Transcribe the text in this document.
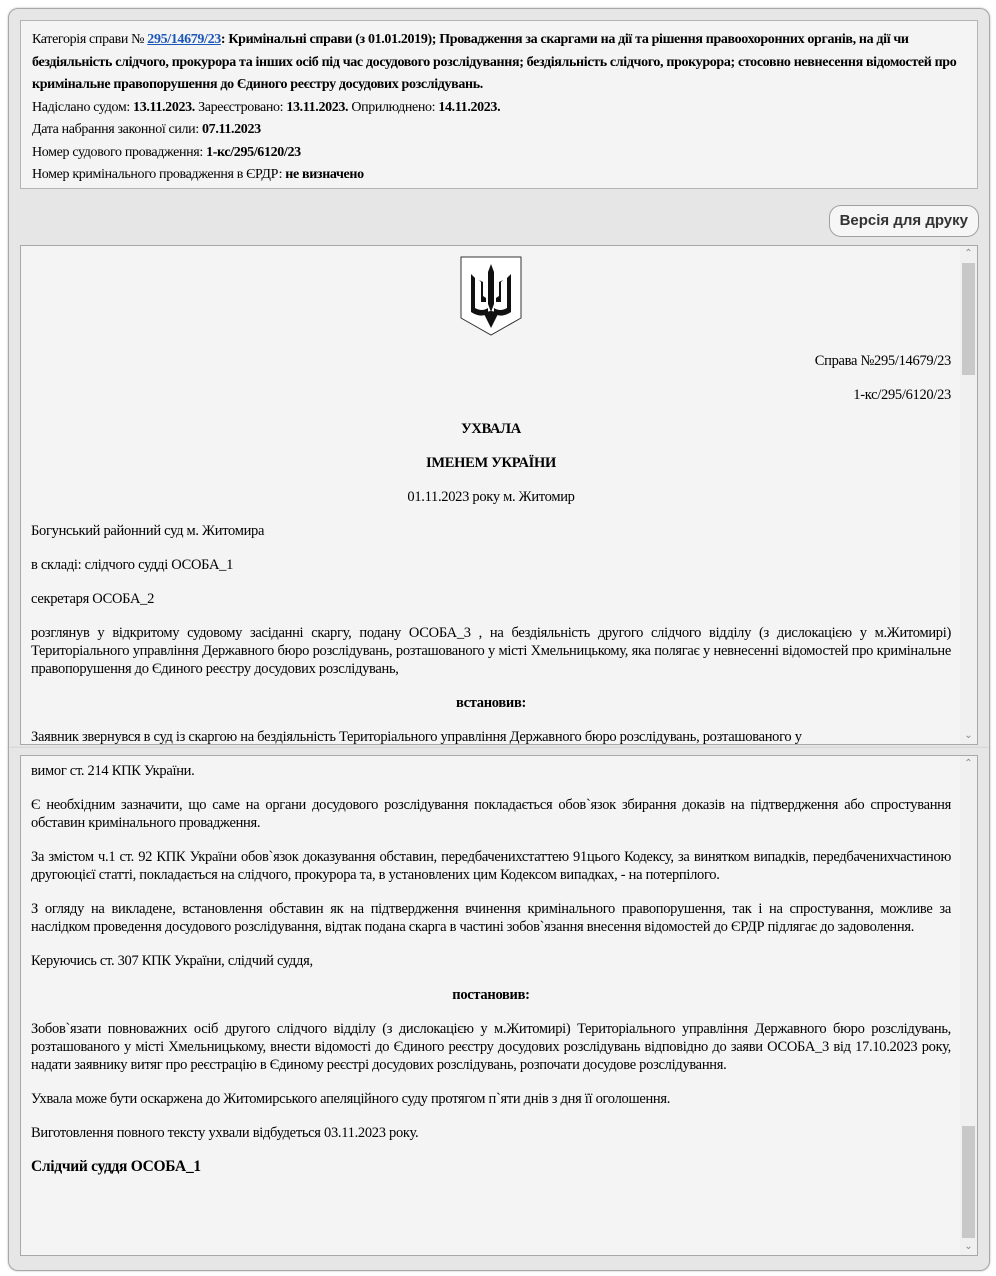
Категорія справи № 295/14679/23: Кримінальні справи (з 01.01.2019); Провадження за скаргами на дії та рішення правоохоронних органів, на дії чи бездіяльність слідчого, прокурора та інших осіб під час досудового розслідування; бездіяльність слідчого, прокурора; стосовно невнесення відомостей про кримінальне правопорушення до Єдиного реєстру досудових розслідувань.
Надіслано судом: 13.11.2023. Зареєстровано: 13.11.2023. Оприлюднено: 14.11.2023.
Дата набрання законної сили: 07.11.2023
Номер судового провадження: 1-кс/295/6120/23
Номер кримінального провадження в ЄРДР: не визначено
Версія для друку

Справа №295/14679/23

1-кс/295/6120/23

УХВАЛА

ІМЕНЕМ УКРАЇНИ

01.11.2023 року м. Житомир

Богунський районний суд м. Житомира

в складі: слідчого судді ОСОБА_1

секретаря ОСОБА_2

розглянув у відкритому судовому засіданні скаргу, подану ОСОБА_3 , на бездіяльність другого слідчого відділу (з дислокацією у м.Житомирі) Територіального управління Державного бюро розслідувань, розташованого у місті Хмельницькому, яка полягає у невнесенні відомостей про кримінальне правопорушення до Єдиного реєстру досудових розслідувань,

встановив:

Заявник звернувся в суд із скаргою на бездіяльність Територіального управління Державного бюро розслідувань, розташованого у

⌃
⌄

вимог ст. 214 КПК України.

Є необхідним зазначити, що саме на органи досудового розслідування покладається обов`язок збирання доказів на підтвердження або спростування обставин кримінального провадження.

За змістом ч.1 ст. 92 КПК України обов`язок доказування обставин, передбаченихстаттею 91цього Кодексу, за винятком випадків, передбаченихчастиною другоюцієї статті, покладається на слідчого, прокурора та, в установлених цим Кодексом випадках, - на потерпілого.

З огляду на викладене, встановлення обставин як на підтвердження вчинення кримінального правопорушення, так і на спростування, можливе за наслідком проведення досудового розслідування, відтак подана скарга в частині зобов`язання внесення відомостей до ЄРДР підлягає до задоволення.

Керуючись ст. 307 КПК України, слідчий суддя,

постановив:

Зобов`язати повноважних осіб другого слідчого відділу (з дислокацією у м.Житомирі) Територіального управління Державного бюро розслідувань, розташованого у місті Хмельницькому, внести відомості до Єдиного реєстру досудових розслідувань відповідно до заяви ОСОБА_3 від 17.10.2023 року, надати заявнику витяг про реєстрацію в Єдиному реєстрі досудових розслідувань, розпочати досудове розслідування.

Ухвала може бути оскаржена до Житомирського апеляційного суду протягом п`яти днів з дня її оголошення.

Виготовлення повного тексту ухвали відбудеться 03.11.2023 року.

Слідчий суддя ОСОБА_1

⌃
⌄
